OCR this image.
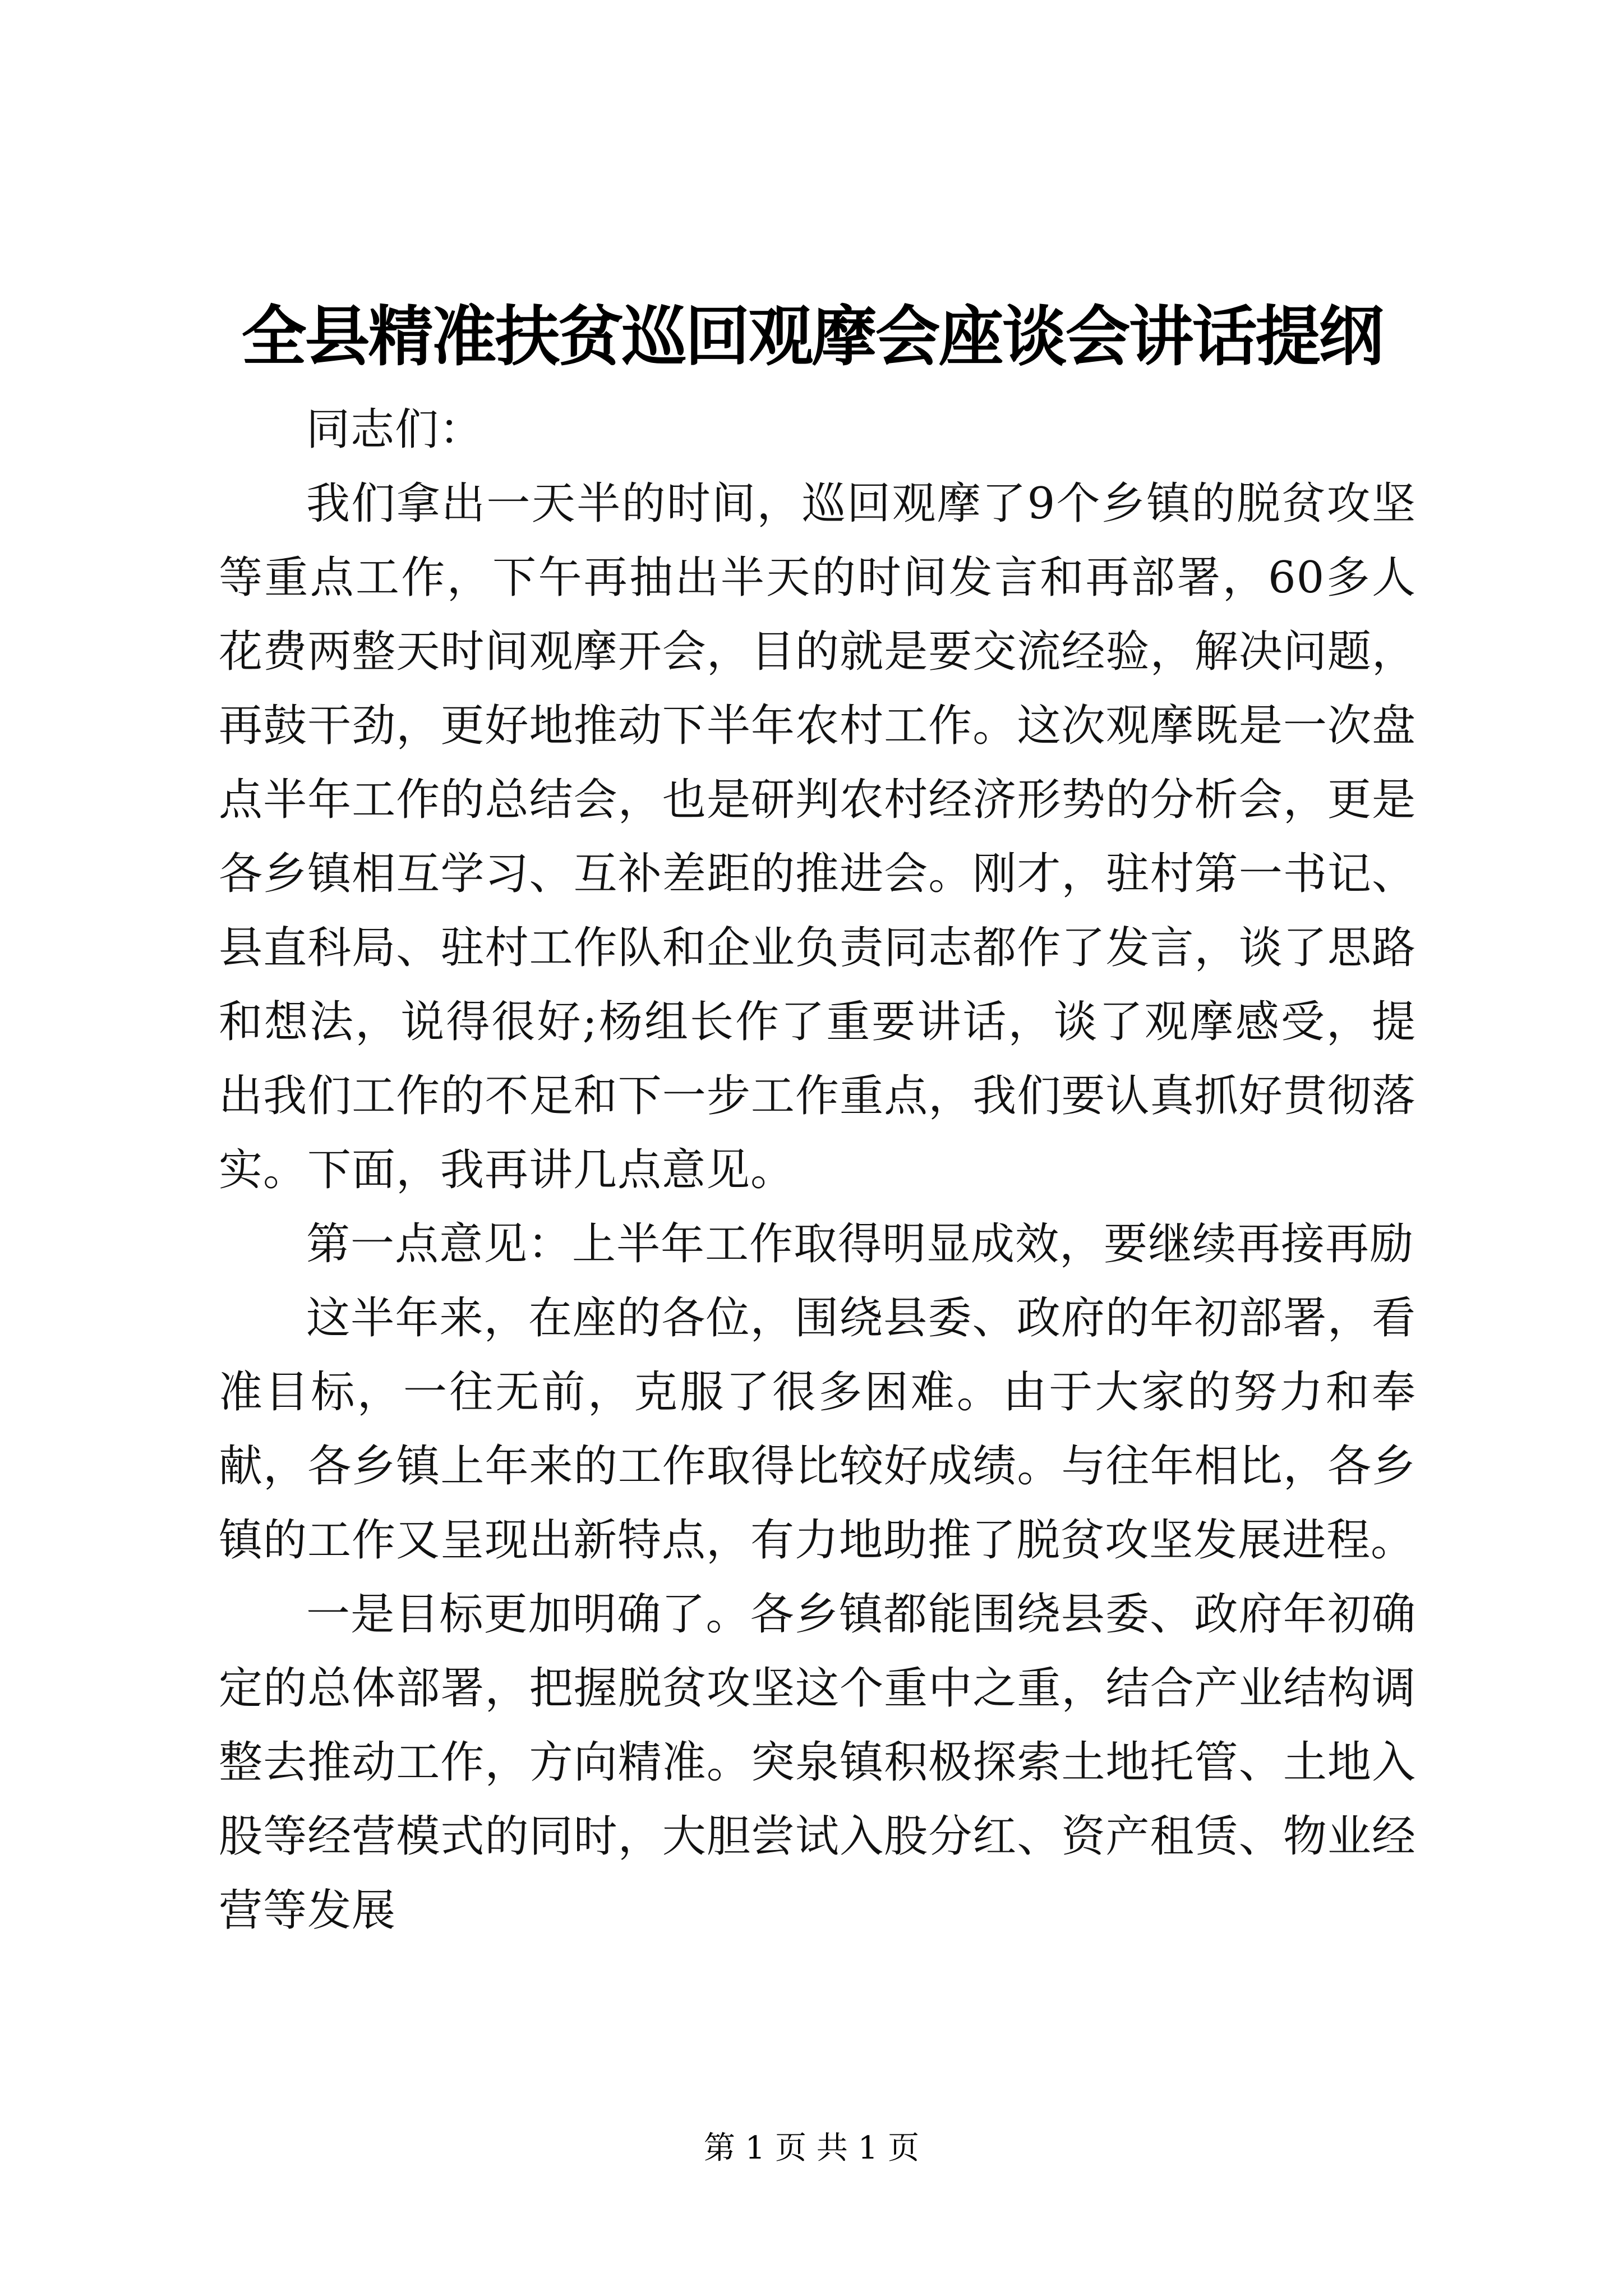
全县精准扶贫巡回观摩会座谈会讲话提纲

同志们：

我们拿出一天半的时间，巡回观摩了9个乡镇的脱贫攻坚等重点工作，下午再抽出半天的时间发言和再部署，60多人花费两整天时间观摩开会，目的就是要交流经验，解决问题，再鼓干劲，更好地推动下半年农村工作。这次观摩既是一次盘点半年工作的总结会，也是研判农村经济形势的分析会，更是各乡镇相互学习、互补差距的推进会。刚才，驻村第一书记、县直科局、驻村工作队和企业负责同志都作了发言，谈了思路和想法，说得很好;杨组长作了重要讲话，谈了观摩感受，提出我们工作的不足和下一步工作重点，我们要认真抓好贯彻落实。下面，我再讲几点意见。

第一点意见：上半年工作取得明显成效，要继续再接再励

这半年来，在座的各位，围绕县委、政府的年初部署，看准目标，一往无前，克服了很多困难。由于大家的努力和奉献，各乡镇上年来的工作取得比较好成绩。与往年相比，各乡镇的工作又呈现出新特点，有力地助推了脱贫攻坚发展进程。

一是目标更加明确了。各乡镇都能围绕县委、政府年初确定的总体部署，把握脱贫攻坚这个重中之重，结合产业结构调整去推动工作，方向精准。突泉镇积极探索土地托管、土地入股等经营模式的同时，大胆尝试入股分红、资产租赁、物业经营等发展

第 1 页 共 1 页
